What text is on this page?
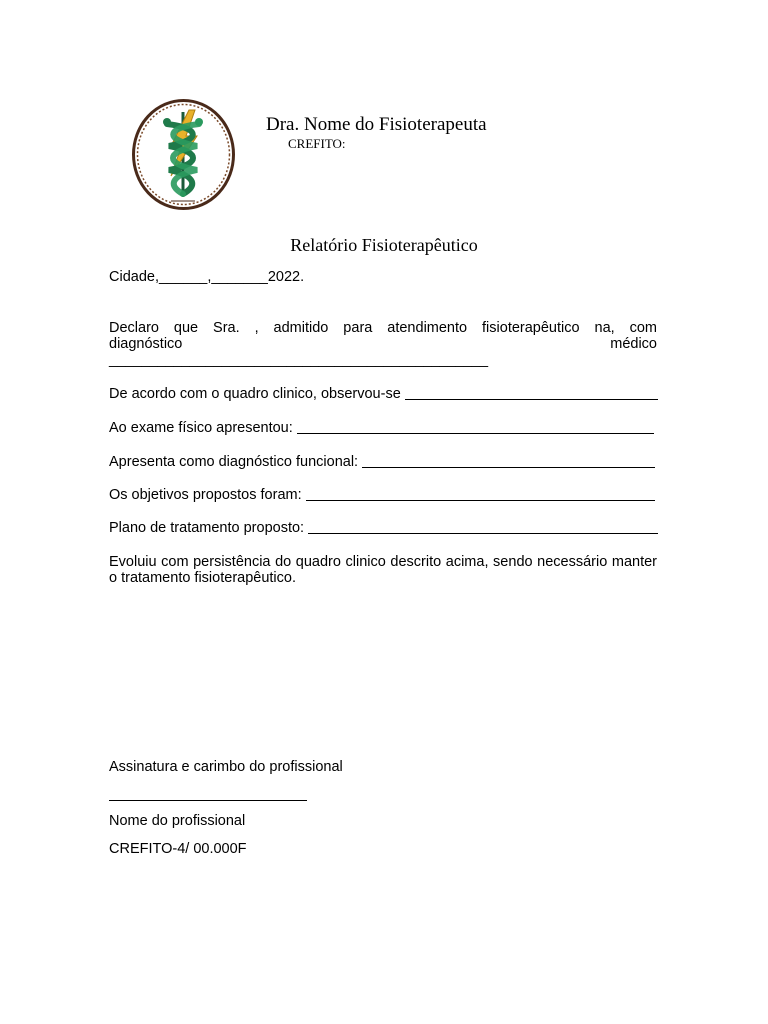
Dra. Nome do Fisioterapeuta
CREFITO:
Relatório Fisioterapêutico
Cidade,______,_______2022.
Declaro que Sra. , admitido para atendimento fisioterapêutico na, com
diagnóstico	médico
_______________________________________________
De acordo com o quadro clinico, observou-se
Ao exame físico apresentou:
Apresenta como diagnóstico funcional:
Os objetivos propostos foram:
Plano de tratamento proposto:
Evoluiu com persistência do quadro clinico descrito acima, sendo necessário manter o tratamento fisioterapêutico.
Assinatura e carimbo do profissional
Nome do profissional
CREFITO-4/ 00.000F
